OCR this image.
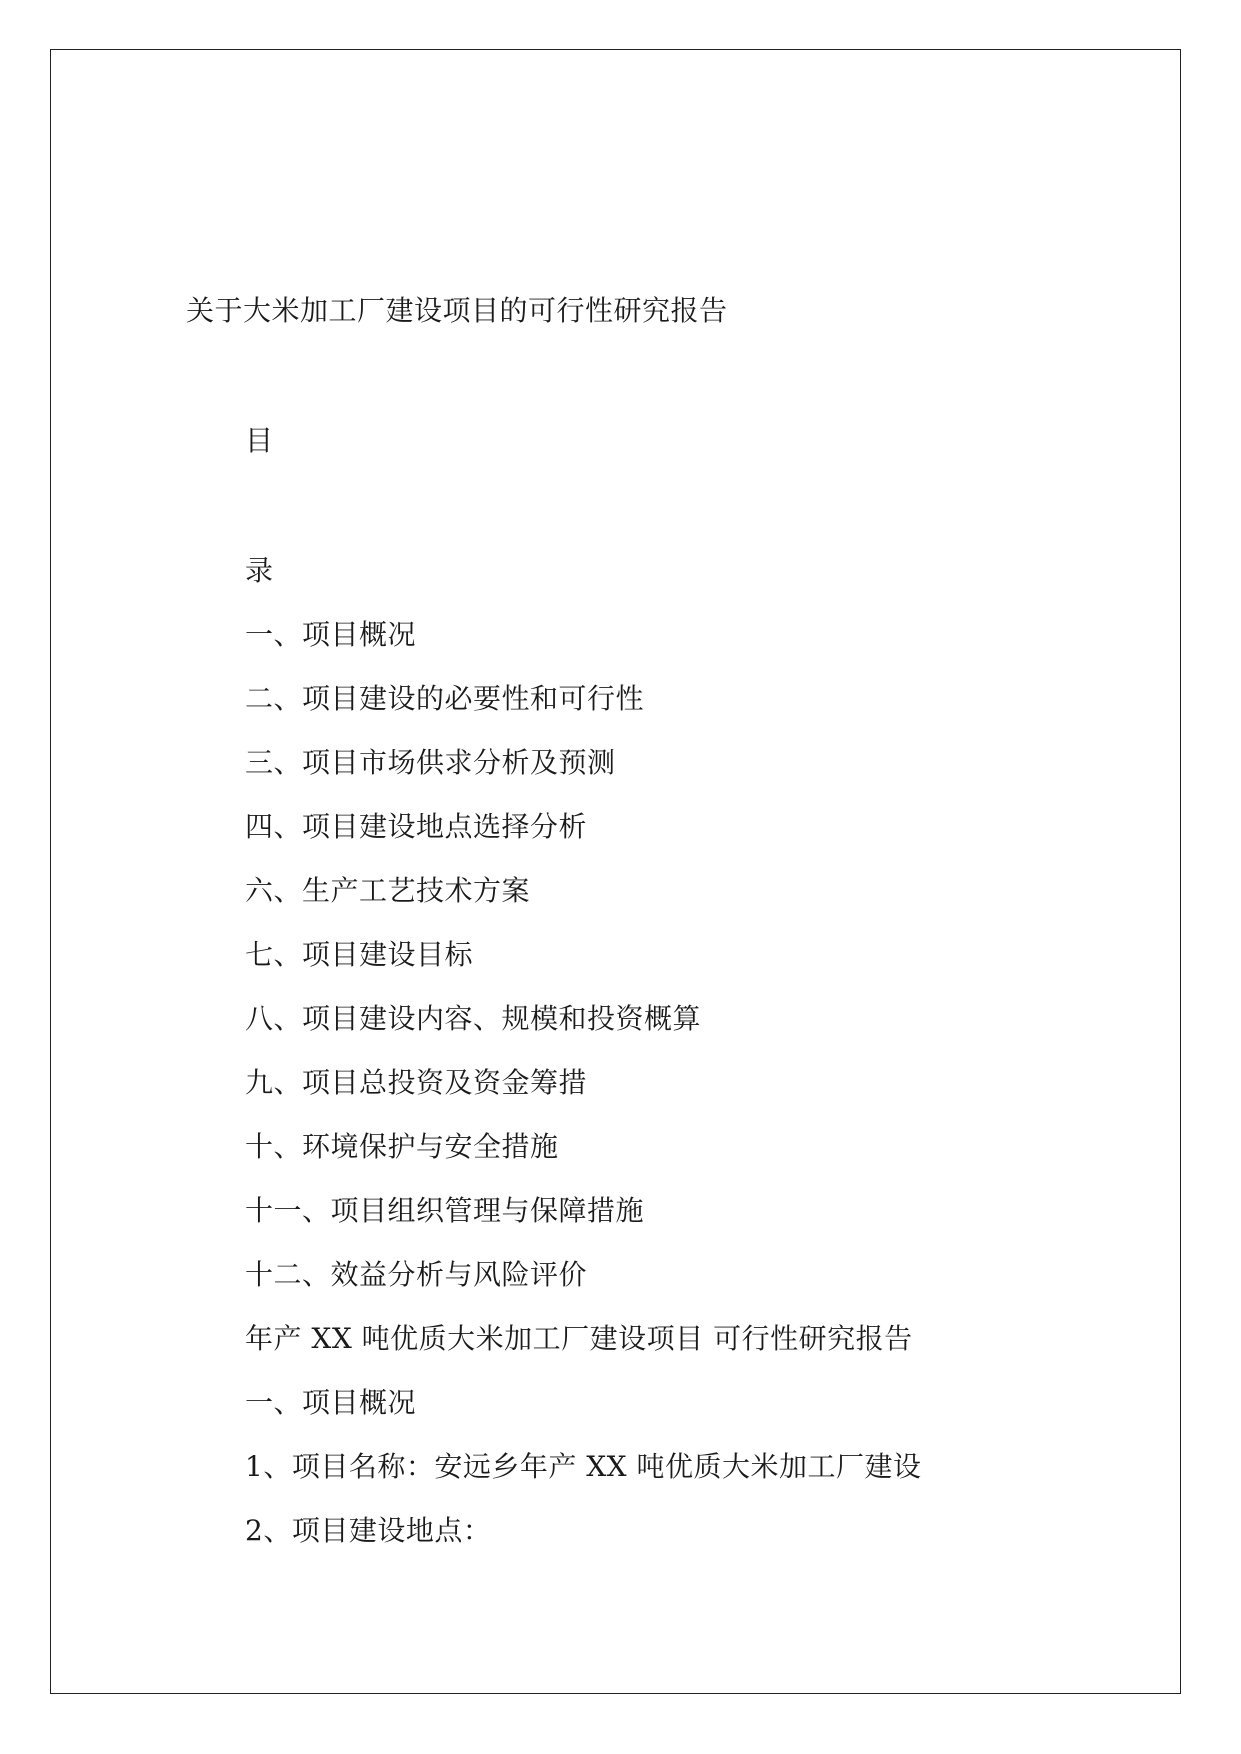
关于大米加工厂建设项目的可行性研究报告
目
录
一、项目概况
二、项目建设的必要性和可行性
三、项目市场供求分析及预测
四、项目建设地点选择分析
六、生产工艺技术方案
七、项目建设目标
八、项目建设内容、规模和投资概算
九、项目总投资及资金筹措
十、环境保护与安全措施
十一、项目组织管理与保障措施
十二、效益分析与风险评价
年产 XX 吨优质大米加工厂建设项目 可行性研究报告
一、项目概况
1、项目名称：安远乡年产 XX 吨优质大米加工厂建设
2、项目建设地点：
